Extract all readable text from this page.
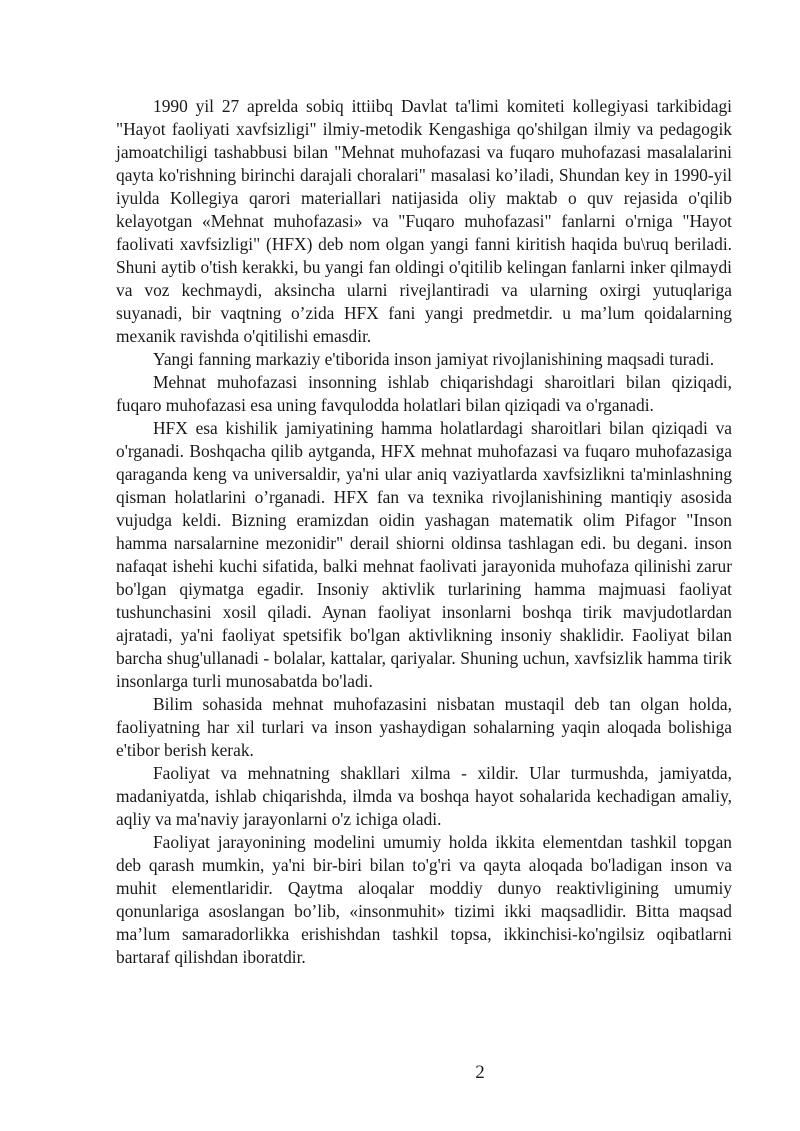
1990 yil 27 aprelda sobiq ittiibq Davlat ta'limi komiteti kollegiyasi tarkibidagi "Hayot faoliyati xavfsizligi" ilmiy-metodik Kengashiga qo'shilgan ilmiy va pedagogik jamoatchiligi tashabbusi bilan "Mehnat muhofazasi va fuqaro muhofazasi masalalarini qayta ko'rishning birinchi darajali choralari" masalasi ko’iladi, Shundan key in 1990-yil iyulda Kollegiya qarori materiallari natijasida oliy maktab o quv rejasida o'qilib kelayotgan «Mehnat muhofazasi» va "Fuqaro muhofazasi" fanlarni o'rniga "Hayot faolivati xavfsizligi" (HFX) deb nom olgan yangi fanni kiritish haqida bu\ruq beriladi. Shuni aytib o'tish kerakki, bu yangi fan oldingi o'qitilib kelingan fanlarni inker qilmaydi va voz kechmaydi, aksincha ularni rivejlantiradi va ularning oxirgi yutuqlariga suyanadi, bir vaqtning o’zida HFX fani yangi predmetdir. u ma’lum qoidalarning mexanik ravishda o'qitilishi emasdir.

Yangi fanning markaziy e'tiborida inson jamiyat rivojlanishining maqsadi turadi.

Mehnat muhofazasi insonning ishlab chiqarishdagi sharoitlari bilan qiziqadi, fuqaro muhofazasi esa uning favqulodda holatlari bilan qiziqadi va o'rganadi.

HFX esa kishilik jamiyatining hamma holatlardagi sharoitlari bilan qiziqadi va o'rganadi. Boshqacha qilib aytganda, HFX mehnat muhofazasi va fuqaro muhofazasiga qaraganda keng va universaldir, ya'ni ular aniq vaziyatlarda xavfsizlikni ta'minlashning qisman holatlarini o’rganadi. HFX fan va texnika rivojlanishining mantiqiy asosida vujudga keldi. Bizning eramizdan oidin yashagan matematik olim Pifagor "Inson hamma narsalarnine mezonidir" derail shiorni oldinsa tashlagan edi. bu degani. inson nafaqat ishehi kuchi sifatida, balki mehnat faolivati jarayonida muhofaza qilinishi zarur bo'lgan qiymatga egadir. Insoniy aktivlik turlarining hamma majmuasi faoliyat tushunchasini xosil qiladi. Aynan faoliyat insonlarni boshqa tirik mavjudotlardan ajratadi, ya'ni faoliyat spetsifik bo'lgan aktivlikning insoniy shaklidir. Faoliyat bilan barcha shug'ullanadi - bolalar, kattalar, qariyalar. Shuning uchun, xavfsizlik hamma tirik insonlarga turli munosabatda bo'ladi.

Bilim sohasida mehnat muhofazasini nisbatan mustaqil deb tan olgan holda, faoliyatning har xil turlari va inson yashaydigan sohalarning yaqin aloqada bolishiga e'tibor berish kerak.

Faoliyat va mehnatning shakllari xilma - xildir. Ular turmushda, jamiyatda, madaniyatda, ishlab chiqarishda, ilmda va boshqa hayot sohalarida kechadigan amaliy, aqliy va ma'naviy jarayonlarni o'z ichiga oladi.

Faoliyat jarayonining modelini umumiy holda ikkita elementdan tashkil topgan deb qarash mumkin, ya'ni bir-biri bilan to'g'ri va qayta aloqada bo'ladigan inson va muhit elementlaridir. Qaytma aloqalar moddiy dunyo reaktivligining umumiy qonunlariga asoslangan bo’lib, «insonmuhit» tizimi ikki maqsadlidir. Bitta maqsad ma’lum samaradorlikka erishishdan tashkil topsa, ikkinchisi-ko'ngilsiz oqibatlarni bartaraf qilishdan iboratdir.

2
